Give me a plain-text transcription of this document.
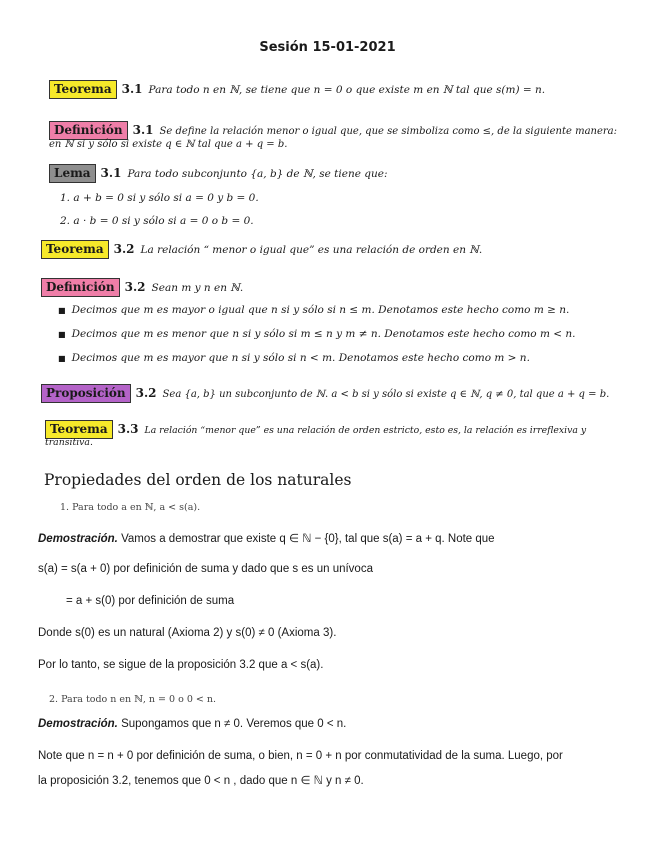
Sesión 15-01-2021
Teorema 3.1 Para todo n en ℕ, se tiene que n = 0 o que existe m en ℕ tal que s(m) = n.
Definición 3.1 Se define la relación menor o igual que, que se simboliza como ≤, de la siguiente manera:
en ℕ si y sólo si existe q ∈ ℕ tal que a + q = b.
Lema 3.1 Para todo subconjunto {a, b} de ℕ, se tiene que:
1. a + b = 0 si y sólo si a = 0 y b = 0.
2. a · b = 0 si y sólo si a = 0 o b = 0.
Teorema 3.2 La relación “ menor o igual que” es una relación de orden en ℕ.
Definición 3.2 Sean m y n en ℕ.
■ Decimos que m es mayor o igual que n si y sólo si n ≤ m. Denotamos este hecho como m ≥ n.
■ Decimos que m es menor que n si y sólo si m ≤ n y m ≠ n. Denotamos este hecho como m < n.
■ Decimos que m es mayor que n si y sólo si n < m. Denotamos este hecho como m > n.
Proposición 3.2 Sea {a, b} un subconjunto de ℕ. a < b si y sólo si existe q ∈ ℕ, q ≠ 0, tal que a + q = b.
Teorema 3.3 La relación “menor que” es una relación de orden estricto, esto es, la relación es irreflexiva y
transitiva.
Propiedades del orden de los naturales
1. Para todo a en ℕ, a < s(a).
Demostración. Vamos a demostrar que existe q ∈ ℕ − {0}, tal que s(a) = a + q. Note que
s(a) = s(a + 0) por definición de suma y dado que s es un unívoca
= a + s(0) por definición de suma
Donde s(0) es un natural (Axioma 2) y s(0) ≠ 0 (Axioma 3).
Por lo tanto, se sigue de la proposición 3.2 que a < s(a).
2. Para todo n en ℕ, n = 0 o 0 < n.
Demostración. Supongamos que n ≠ 0. Veremos que 0 < n.
Note que n = n + 0 por definición de suma, o bien, n = 0 + n por conmutatividad de la suma. Luego, por
la proposición 3.2, tenemos que 0 < n , dado que n ∈ ℕ y n ≠ 0.
